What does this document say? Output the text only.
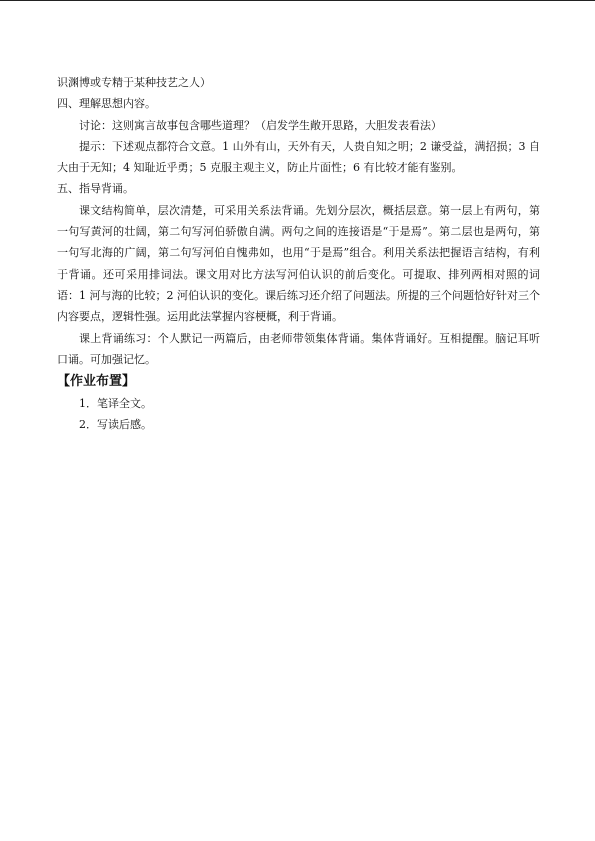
识渊博或专精于某种技艺之人）

四、理解思想内容。

讨论：这则寓言故事包含哪些道理？（启发学生敞开思路，大胆发表看法）

提示：下述观点都符合文意。1 山外有山，天外有天，人贵自知之明；2 谦受益，满招损；3 自大由于无知；4 知耻近乎勇；5 克服主观主义，防止片面性；6 有比较才能有鉴别。

五、指导背诵。

课文结构简单，层次清楚，可采用关系法背诵。先划分层次，概括层意。第一层上有两句，第一句写黄河的壮阔，第二句写河伯骄傲自满。两句之间的连接语是“于是焉”。第二层也是两句，第一句写北海的广阔，第二句写河伯自愧弗如，也用“于是焉”组合。利用关系法把握语言结构，有利于背诵。还可采用排词法。课文用对比方法写河伯认识的前后变化。可提取、排列两相对照的词语：1 河与海的比较；2 河伯认识的变化。课后练习还介绍了问题法。所提的三个问题恰好针对三个内容要点，逻辑性强。运用此法掌握内容梗概，利于背诵。

课上背诵练习：个人默记一两篇后，由老师带领集体背诵。集体背诵好。互相提醒。脑记耳听口诵。可加强记忆。

【作业布置】

1．笔译全文。

2．写读后感。
